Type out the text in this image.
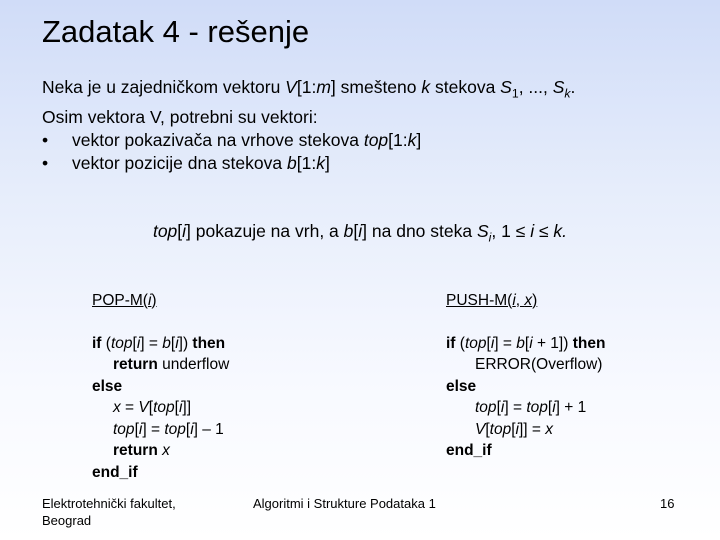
Zadatak 4 - rešenje
Neka je u zajedničkom vektoru V[1:m] smešteno k stekova $S_1$, ..., $S_k$.
Osim vektora V, potrebni su vektori:
• vektor pokazivača na vrhove stekova top[1:k]
• vektor pozicije dna stekova b[1:k]
top[i] pokazuje na vrh, a b[i] na dno steka $S_i$, 1 ≤ i ≤ k.
POP-M(i)
if (top[i] = b[i]) then
return underflow
else
x = V[top[i]]
top[i] = top[i] – 1
return x
end_if
PUSH-M(i, x)
if (top[i] = b[i + 1]) then
ERROR(Overflow)
else
top[i] = top[i] + 1
V[top[i]] = x
end_if
Elektrotehnički fakultet,
Beograd
Algoritmi i Strukture Podataka 1	16
